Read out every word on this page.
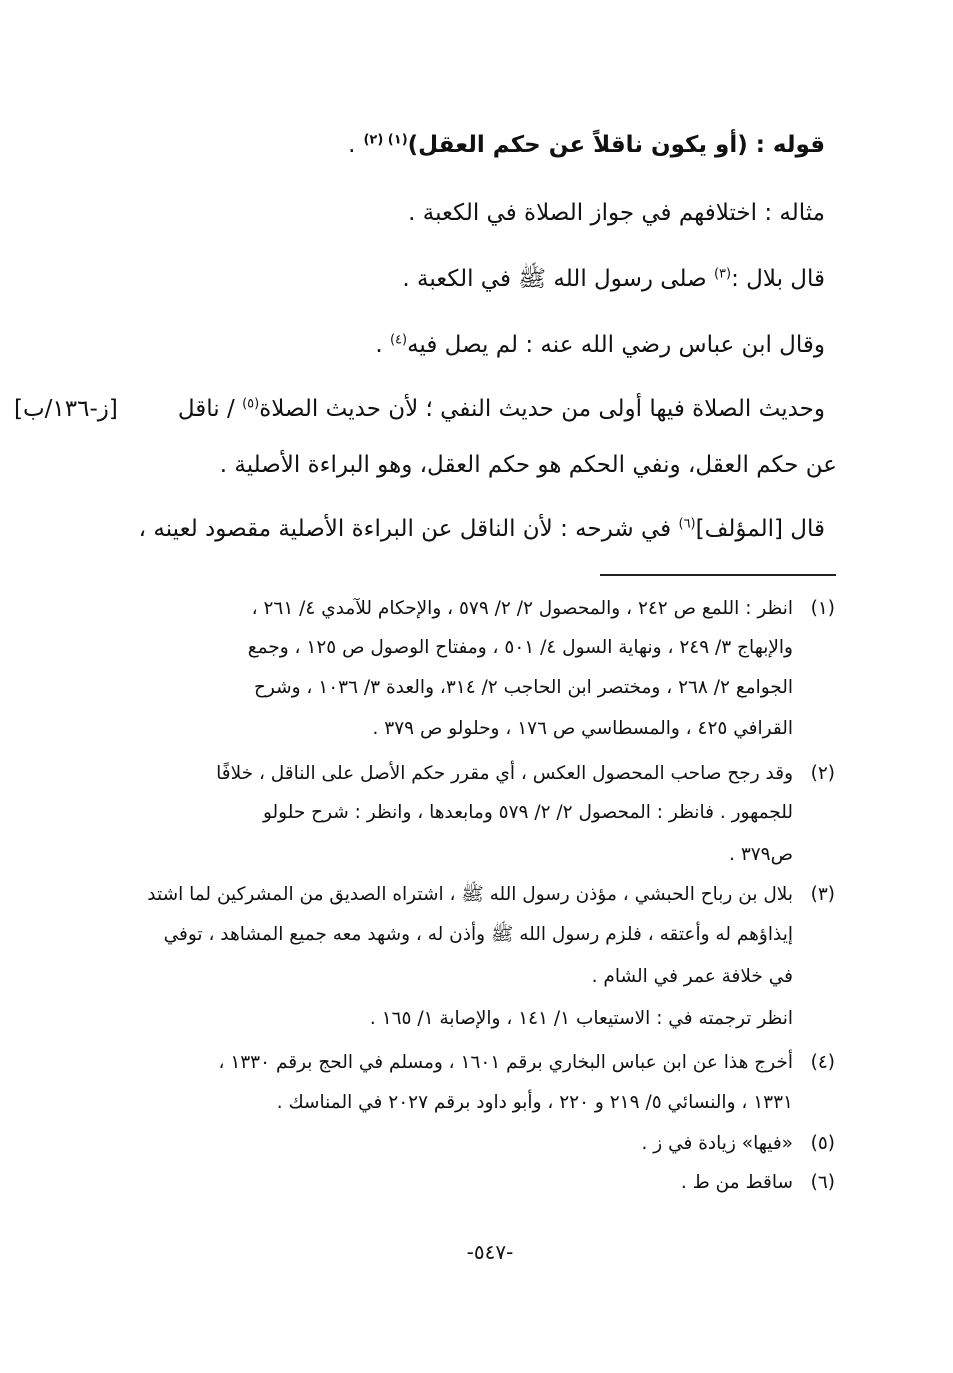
قوله : (أو يكون ناقلاً عن حكم العقل)$^{(١) (٢)}$ .
مثاله : اختلافهم في جواز الصلاة في الكعبة .
قال بلال :$^{(٣)}$ صلى رسول الله ﷺ في الكعبة .
وقال ابن عباس رضي الله عنه : لم يصل فيه$^{(٤)}$ .
وحديث الصلاة فيها أولى من حديث النفي ؛ لأن حديث الصلاة$^{(٥)}$ / ناقل
[ز-١٣٦/ب]
عن حكم العقل، ونفي الحكم هو حكم العقل، وهو البراءة الأصلية .
قال [المؤلف]$^{(٦)}$ في شرحه : لأن الناقل عن البراءة الأصلية مقصود لعينه ،
(١)
انظر : اللمع ص ٢٤٢ ، والمحصول ٢/ ٢/ ٥٧٩ ، والإحكام للآمدي ٤/ ٢٦١ ،
والإبهاج ٣/ ٢٤٩ ، ونهاية السول ٤/ ٥٠١ ، ومفتاح الوصول ص ١٢٥ ، وجمع
الجوامع ٢/ ٢٦٨ ، ومختصر ابن الحاجب ٢/ ٣١٤، والعدة ٣/ ١٠٣٦ ، وشرح
القرافي ٤٢٥ ، والمسطاسي ص ١٧٦ ، وحلولو ص ٣٧٩ .
(٢)
وقد رجح صاحب المحصول العكس ، أي مقرر حكم الأصل على الناقل ، خلافًا
للجمهور . فانظر : المحصول ٢/ ٢/ ٥٧٩ ومابعدها ، وانظر : شرح حلولو
ص٣٧٩ .
(٣)
بلال بن رباح الحبشي ، مؤذن رسول الله ﷺ ، اشتراه الصديق من المشركين لما اشتد
إيذاؤهم له وأعتقه ، فلزم رسول الله ﷺ وأذن له ، وشهد معه جميع المشاهد ، توفي
في خلافة عمر في الشام .
انظر ترجمته في : الاستيعاب ١/ ١٤١ ، والإصابة ١/ ١٦٥ .
(٤)
أخرج هذا عن ابن عباس البخاري برقم ١٦٠١ ، ومسلم في الحج برقم ١٣٣٠ ،
١٣٣١ ، والنسائي ٥/ ٢١٩ و ٢٢٠ ، وأبو داود برقم ٢٠٢٧ في المناسك .
(٥)
«فيها» زيادة في ز .
(٦)
ساقط من ط .
-٥٤٧-
